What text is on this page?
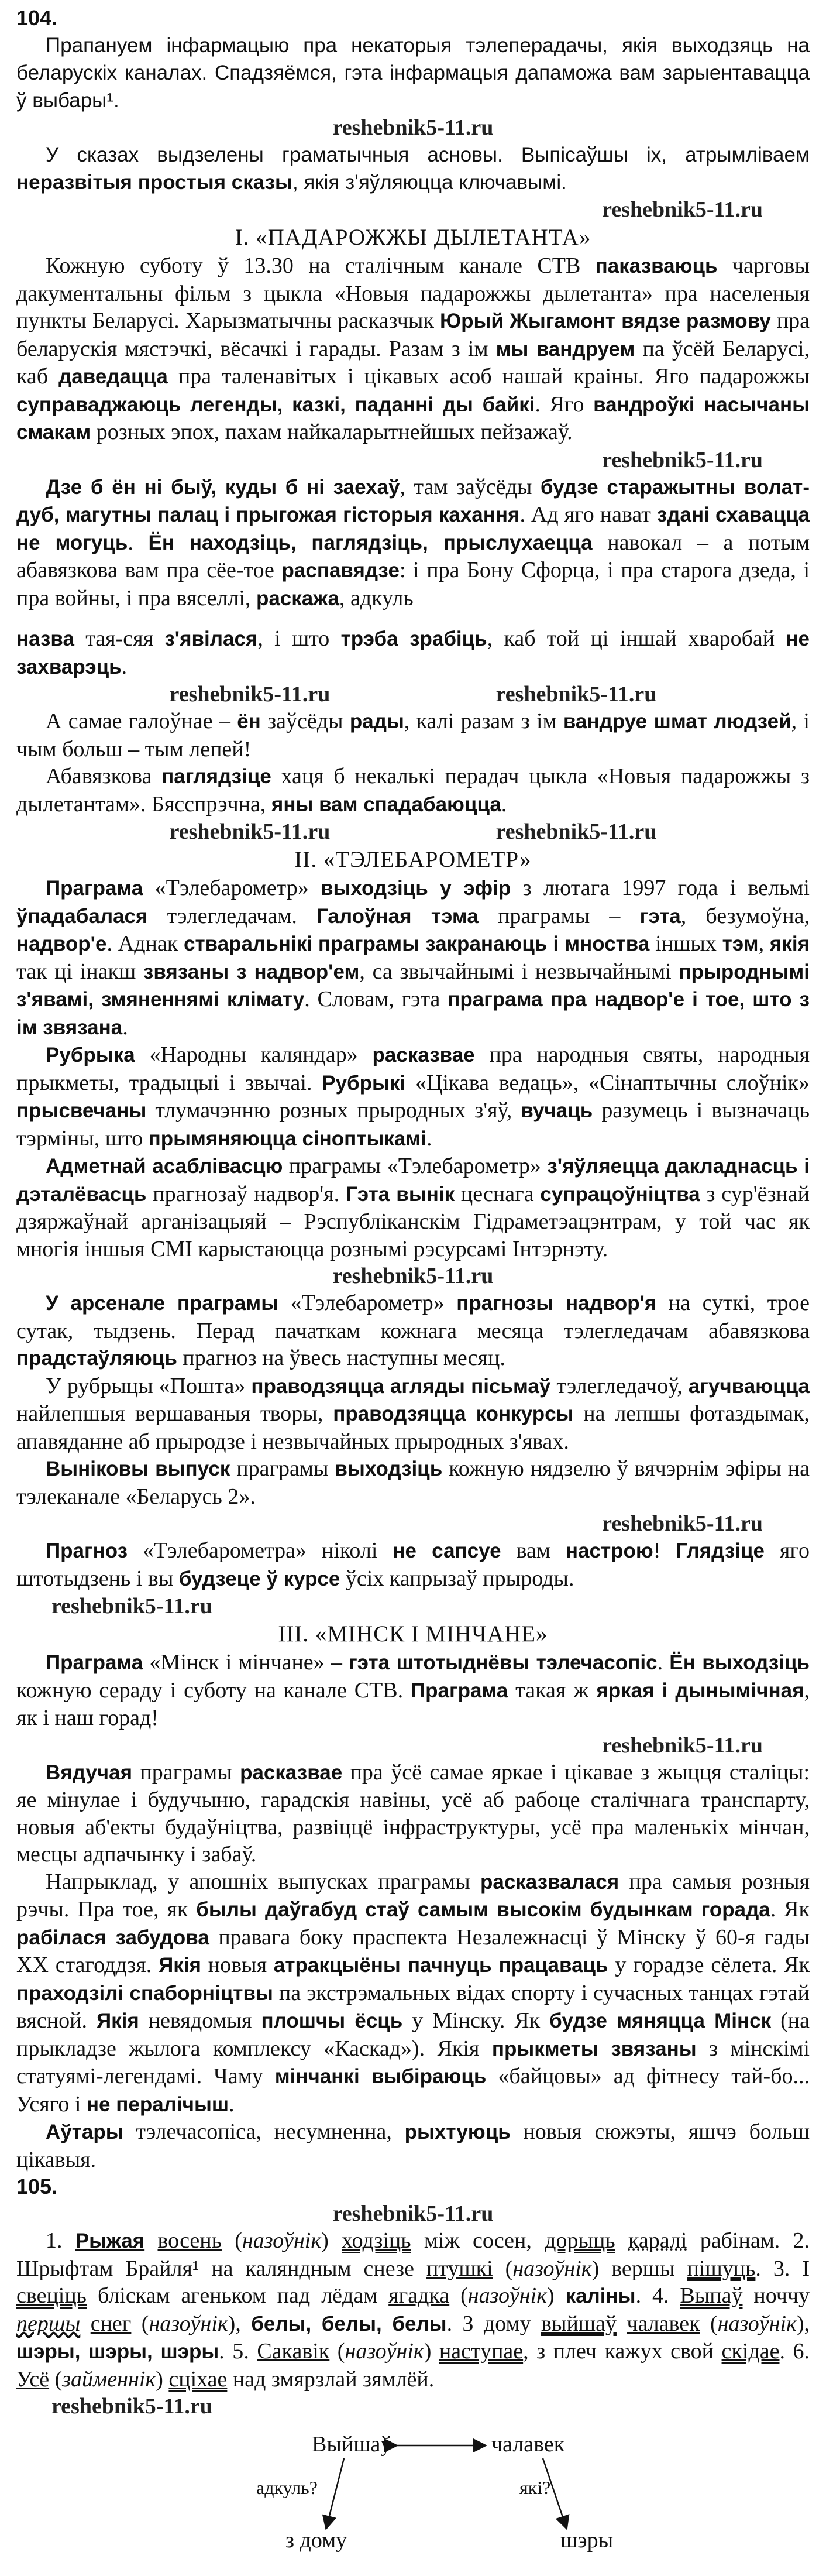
104.

Прапануем інфармацыю пра некаторыя тэлеперадачы, якія выходзяць на беларускіх каналах. Спадзяёмся, гэта інфармацыя дапаможа вам зарыентавацца ў выбары¹.

reshebnik5-11.ru

У сказах выдзелены граматычныя асновы. Выпісаўшы іх, атрымліваем неразвітыя простыя сказы, якія з'яўляюцца ключавымі.

reshebnik5-11.ru

I. «ПАДАРОЖЖЫ ДЫЛЕТАНТА»

Кожную суботу ў 13.30 на сталічным канале СТВ паказваюць чарговы дакументальны фільм з цыкла «Новыя падарожжы дылетанта» пра населеныя пункты Беларусі. Харызматычны расказчык Юрый Жыгамонт вядзе размову пра беларускія мястэчкі, вёсачкі і гарады. Разам з ім мы вандруем па ўсёй Беларусі, каб даведацца пра таленавітых і цікавых асоб нашай краіны. Яго падарожжы суправаджаюць легенды, казкі, паданні ды байкі. Яго вандроўкі насычаны смакам розных эпох, пахам найкаларытнейшых пейзажаў.

reshebnik5-11.ru

Дзе б ён ні быў, куды б ні заехаў, там заўсёды будзе старажытны волат-дуб, магутны палац і прыгожая гісторыя кахання. Ад яго нават здані схаваццa не могуць. Ён находзіць, пaглядзіць, прыслухаецца навокал – а потым абавязкова вам пра сёе-тое распавядзе: і пра Бону Сфорца, і пра старога дзеда, і пра войны, і пра вяселлі, раскажа, адкуль

назва тая-сяя з'явілася, і што трэба зрабіць, каб той ці іншай хваробай не захварэць.

reshebnik5-11.ru	reshebnik5-11.ru

А самае галоўнае – ён заўсёды рады, калі разам з ім вандруе шмат людзей, і чым больш – тым лепей!

Абавязкова паглядзіце хаця б некалькі перадач цыкла «Новыя падарожжы з дылетантам». Бясспрэчна, яны вам спадабаюцца.

reshebnik5-11.ru	reshebnik5-11.ru

II. «ТЭЛЕБАРОМЕТР»

Праграма «Тэлебарометр» выходзіць у эфір з лютага 1997 года і вельмі ўпадабалася тэлегледачам. Галоўная тэма праграмы – гэта, безумоўна, надвор'е. Аднак стваральнікі праграмы закранаюць і мноства іншых тэм, якія так ці інакш звязаны з надвор'ем, са звычайнымі і незвычайнымі прыроднымі з'явамі, змяненнямі клімату. Словам, гэта праграма пра надвор'е і тое, што з ім звязана.

Рубрыка «Народны каляндар» расказвае пра народныя святы, народныя прыкметы, традыцыі і звычаі. Рубрыкі «Цікава ведаць», «Сінаптычны слоўнік» прысвечаны тлумачэнню розных прыродных з'яў, вучаць разумець і вызначаць тэрміны, што прымяняюцца сіноптыкамі.

Адметнай асаблівасцю праграмы «Тэлебарометр» з'яўляецца дакладнасць і дэталёвасць прагнозаў надвор'я. Гэта вынік цеснага супрацоўніцтва з сур'ёзнай дзяржаўнай арганізацыяй – Рэспубліканскім Гідраметэацэнтрам, у той час як многія іншыя СМІ карыстаюцца рознымі рэсурсамі Інтэрнэту.

reshebnik5-11.ru

У арсенале праграмы «Тэлебарометр» прагнозы надвор'я на суткі, трое сутак, тыдзень. Перад пачаткам кожнага месяца тэлегледачам абавязкова прадстаўляюць прагноз на ўвесь наступны месяц.

У рубрыцы «Пошта» праводзяцца агляды пісьмаў тэлегледачоў, агучваюцца найлепшыя вершаваныя творы, праводзяцца конкурсы на лепшы фотаздымак, апавяданне аб прыродзе і незвычайных прыродных з'явах.

Выніковы выпуск праграмы выходзіць кожную нядзелю ў вячэрнім эфіры на тэлеканале «Беларусь 2».

reshebnik5-11.ru

Прагноз «Тэлебарометра» ніколі не сапсуе вам настрою! Глядзіце яго штотыдзень і вы будзеце ў курсе ўсіх капрызаў прыроды.

reshebnik5-11.ru

III. «МІНСК І МІНЧАНЕ»

Праграма «Мінск і мінчане» – гэта штотыднёвы тэлечасопіс. Ён выходзіць кожную сераду і суботу на канале СТВ. Праграма такая ж яркая і дынымічная, як і наш горад!

reshebnik5-11.ru

Вядучая праграмы расказвае пра ўсё самае яркае і цікавае з жыцця сталіцы: яе мінулае і будучыню, гарадскія навіны, усё аб рабоце сталічнага транспарту, новыя аб'екты будаўніцтва, развіццё інфраструктуры, усё пра маленькіх мінчан, месцы адпачынку і забаў.

Напрыклад, у апошніх выпусках праграмы расказвалася пра самыя розныя рэчы. Пра тое, як былы даўгабуд стаў самым высокім будынкам горада. Як рабілася забудова правага боку праспекта Незалежнасці ў Мінску ў 60-я гады ХХ стагоддзя. Якія новыя атракцыёны пачнуць працаваць у горадзе сёлета. Як праходзілі спаборніцтвы па экстрэмальных відах спорту і сучасных танцах гэтай вясной. Якія невядомыя плошчы ёсць у Мінску. Як будзе мяняцца Мінск (на прыкладзе жылога комплексу «Каскад»). Якія прыкметы звязаны з мінскімі статуямі-легендамі. Чаму мінчанкі выбіраюць «байцовы» ад фітнесу тай-бо... Усяго і не пералічыш.

Аўтары тэлечасопіса, несумненна, рыхтуюць новыя сюжэты, яшчэ больш цікавыя.

105.

reshebnik5-11.ru

1. Рыжая восень (назоўнік) ходзіць між сосен, дорыць каралі рабінам. 2. Шрыфтам Брайля¹ на каляндным снезе птушкі (назоўнік) вершы пішуць. 3. І свеціць бліскам агеньком пад лёдам ягадка (назоўнік) каліны. 4. Выпаў ноччу першы снег (назоўнік), белы, белы, белы. З дому выйшаў чалавек (назоўнік), шэры, шэры, шэры. 5. Сакавік (назоўнік) наступае, з плеч кажух свой скідае. 6. Усё (займеннік) сціхае над змярзлай зямлёй.

reshebnik5-11.ru

Выйшаў	чалавек
адкуль?	які?
з дому	шэры
